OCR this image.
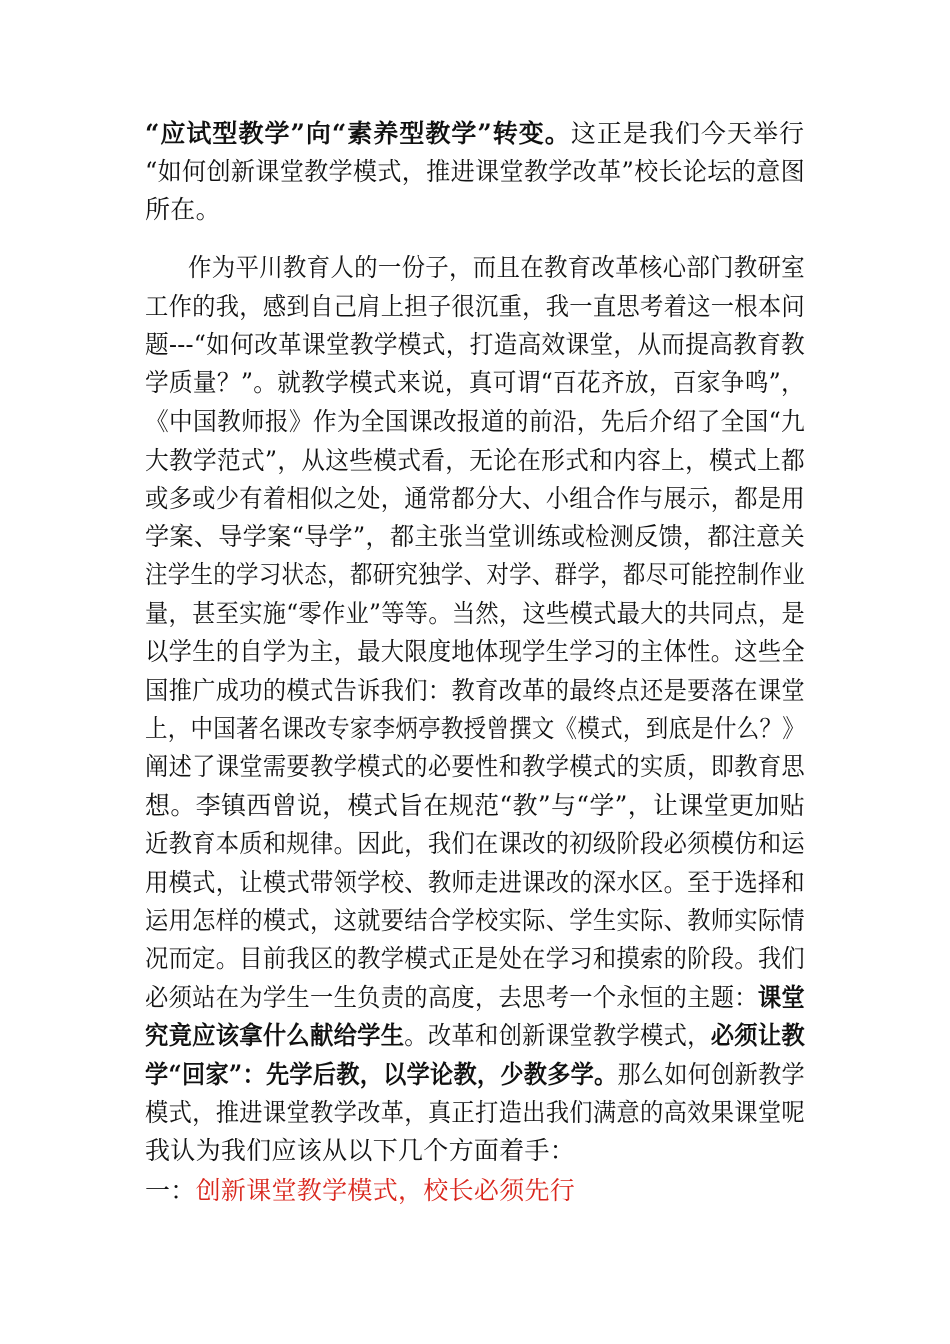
“应试型教学”向“素养型教学”转变。这正是我们今天举行
“如何创新课堂教学模式，推进课堂教学改革”校长论坛的意图
所在。
作为平川教育人的一份子，而且在教育改革核心部门教研室
工作的我，感到自己肩上担子很沉重，我一直思考着这一根本问
题---“如何改革课堂教学模式，打造高效课堂，从而提高教育教
学质量？”。就教学模式来说，真可谓“百花齐放，百家争鸣”，
《中国教师报》作为全国课改报道的前沿，先后介绍了全国“九
大教学范式”，从这些模式看，无论在形式和内容上，模式上都
或多或少有着相似之处，通常都分大、小组合作与展示，都是用
学案、导学案“导学”，都主张当堂训练或检测反馈，都注意关
注学生的学习状态，都研究独学、对学、群学，都尽可能控制作业
量，甚至实施“零作业”等等。当然，这些模式最大的共同点，是
以学生的自学为主，最大限度地体现学生学习的主体性。这些全
国推广成功的模式告诉我们：教育改革的最终点还是要落在课堂
上，中国著名课改专家李炳亭教授曾撰文《模式，到底是什么？》
阐述了课堂需要教学模式的必要性和教学模式的实质，即教育思
想。李镇西曾说，模式旨在规范“教”与“学”，让课堂更加贴
近教育本质和规律。因此，我们在课改的初级阶段必须模仿和运
用模式，让模式带领学校、教师走进课改的深水区。至于选择和
运用怎样的模式，这就要结合学校实际、学生实际、教师实际情
况而定。目前我区的教学模式正是处在学习和摸索的阶段。我们
必须站在为学生一生负责的高度，去思考一个永恒的主题：课堂
究竟应该拿什么献给学生。改革和创新课堂教学模式，必须让教
学“回家”：先学后教，以学论教，少教多学。那么如何创新教学
模式，推进课堂教学改革，真正打造出我们满意的高效果课堂呢
我认为我们应该从以下几个方面着手：
一：创新课堂教学模式，校长必须先行
